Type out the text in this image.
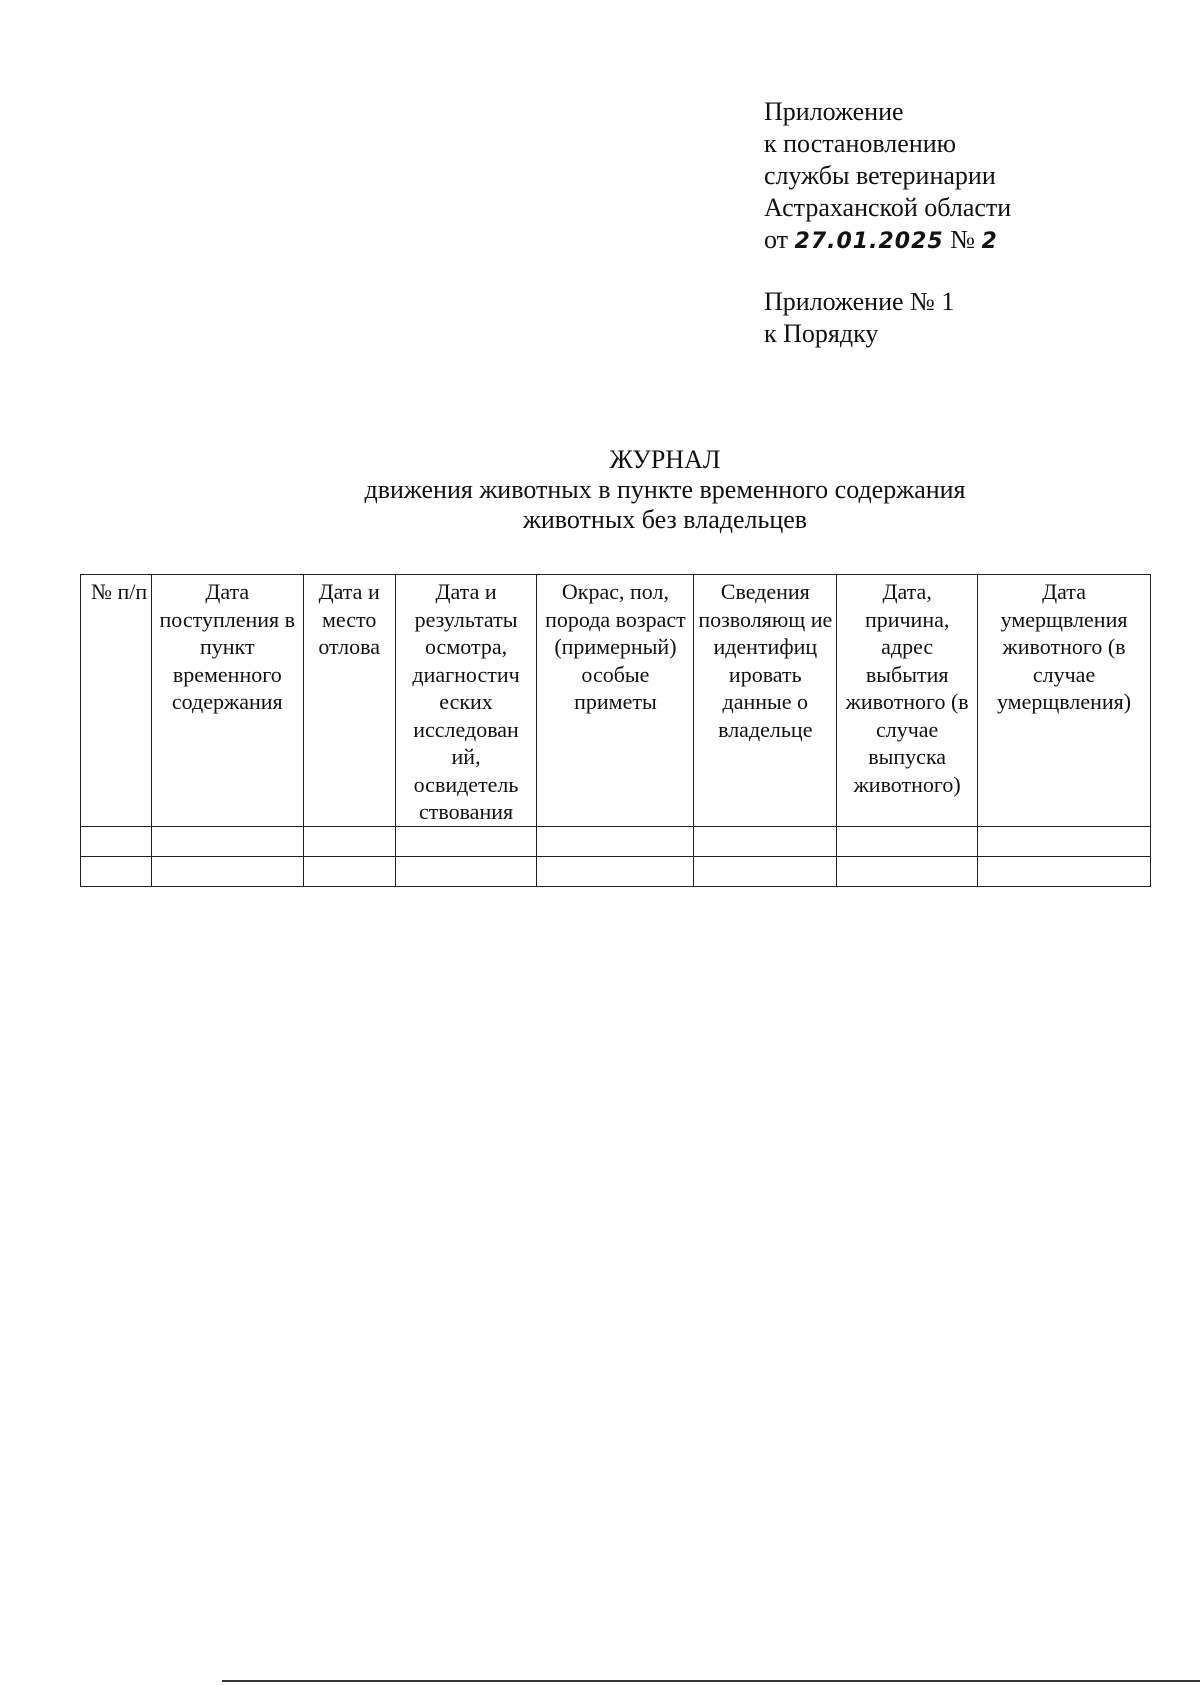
Приложение
к постановлению
службы ветеринарии
Астраханской области
от 27.01.2025 № 2
Приложение № 1
к Порядку
ЖУРНАЛ
движения животных в пункте временного содержания
животных без владельцев
№ п/п	Дата поступления в пункт временного содержания	Дата и место отлова	Дата и результаты осмотра, диагностич еских исследован ий, освидетель ствования	Окрас, пол, порода возраст (примерный) особые приметы	Сведения позволяющ ие идентифиц ировать данные о владельце	Дата, причина, адрес выбытия животного (в случае выпуска животного)	Дата умерщвления животного (в случае умерщвления)
